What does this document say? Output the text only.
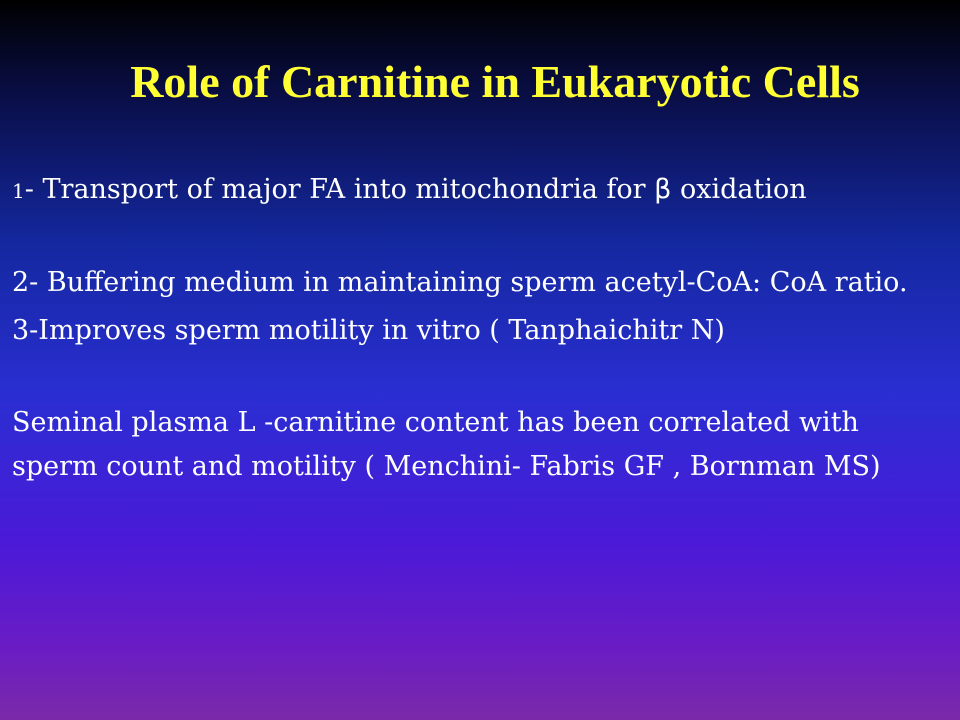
Role of Carnitine in Eukaryotic Cells

1- Transport of major FA into mitochondria for β oxidation

2- Buffering medium in maintaining sperm acetyl-CoA: CoA ratio.

3-Improves sperm motility in vitro ( Tanphaichitr N)

Seminal plasma L -carnitine content has been correlated with sperm count and motility ( Menchini- Fabris GF , Bornman MS)
